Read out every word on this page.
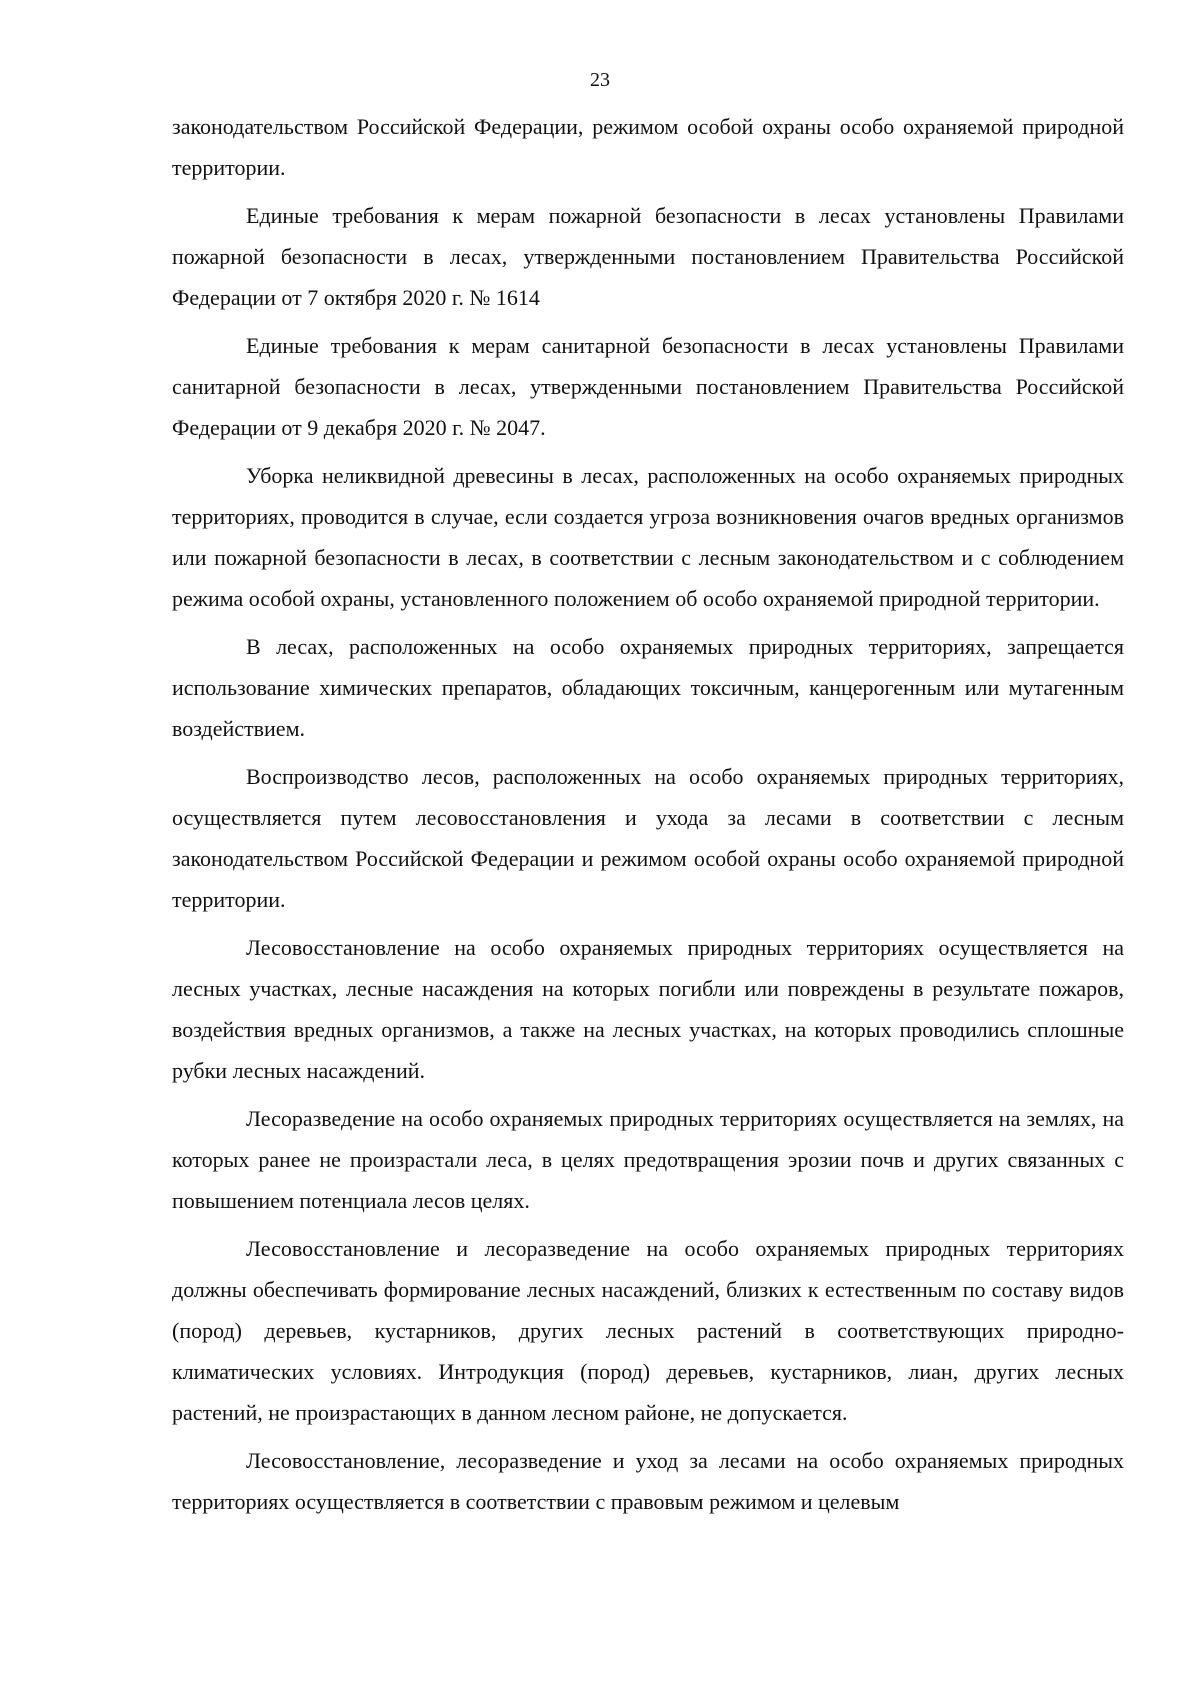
23

законодательством Российской Федерации, режимом особой охраны особо охраняемой природной территории.

Единые требования к мерам пожарной безопасности в лесах установлены Правилами пожарной безопасности в лесах, утвержденными постановлением Правительства Российской Федерации от 7 октября 2020 г. № 1614

Единые требования к мерам санитарной безопасности в лесах установлены Правилами санитарной безопасности в лесах, утвержденными постановлением Правительства Российской Федерации от 9 декабря 2020 г. № 2047.

Уборка неликвидной древесины в лесах, расположенных на особо охраняемых природных территориях, проводится в случае, если создается угроза возникновения очагов вредных организмов или пожарной безопасности в лесах, в соответствии с лесным законодательством и с соблюдением режима особой охраны, установленного положением об особо охраняемой природной территории.

В лесах, расположенных на особо охраняемых природных территориях, запрещается использование химических препаратов, обладающих токсичным, канцерогенным или мутагенным воздействием.

Воспроизводство лесов, расположенных на особо охраняемых природных территориях, осуществляется путем лесовосстановления и ухода за лесами в соответствии с лесным законодательством Российской Федерации и режимом особой охраны особо охраняемой природной территории.

Лесовосстановление на особо охраняемых природных территориях осуществляется на лесных участках, лесные насаждения на которых погибли или повреждены в результате пожаров, воздействия вредных организмов, а также на лесных участках, на которых проводились сплошные рубки лесных насаждений.

Лесоразведение на особо охраняемых природных территориях осуществляется на землях, на которых ранее не произрастали леса, в целях предотвращения эрозии почв и других связанных с повышением потенциала лесов целях.

Лесовосстановление и лесоразведение на особо охраняемых природных территориях должны обеспечивать формирование лесных насаждений, близких к естественным по составу видов (пород) деревьев, кустарников, других лесных растений в соответствующих природно-климатических условиях. Интродукция (пород) деревьев, кустарников, лиан, других лесных растений, не произрастающих в данном лесном районе, не допускается.

Лесовосстановление, лесоразведение и уход за лесами на особо охраняемых природных территориях осуществляется в соответствии с правовым режимом и целевым
